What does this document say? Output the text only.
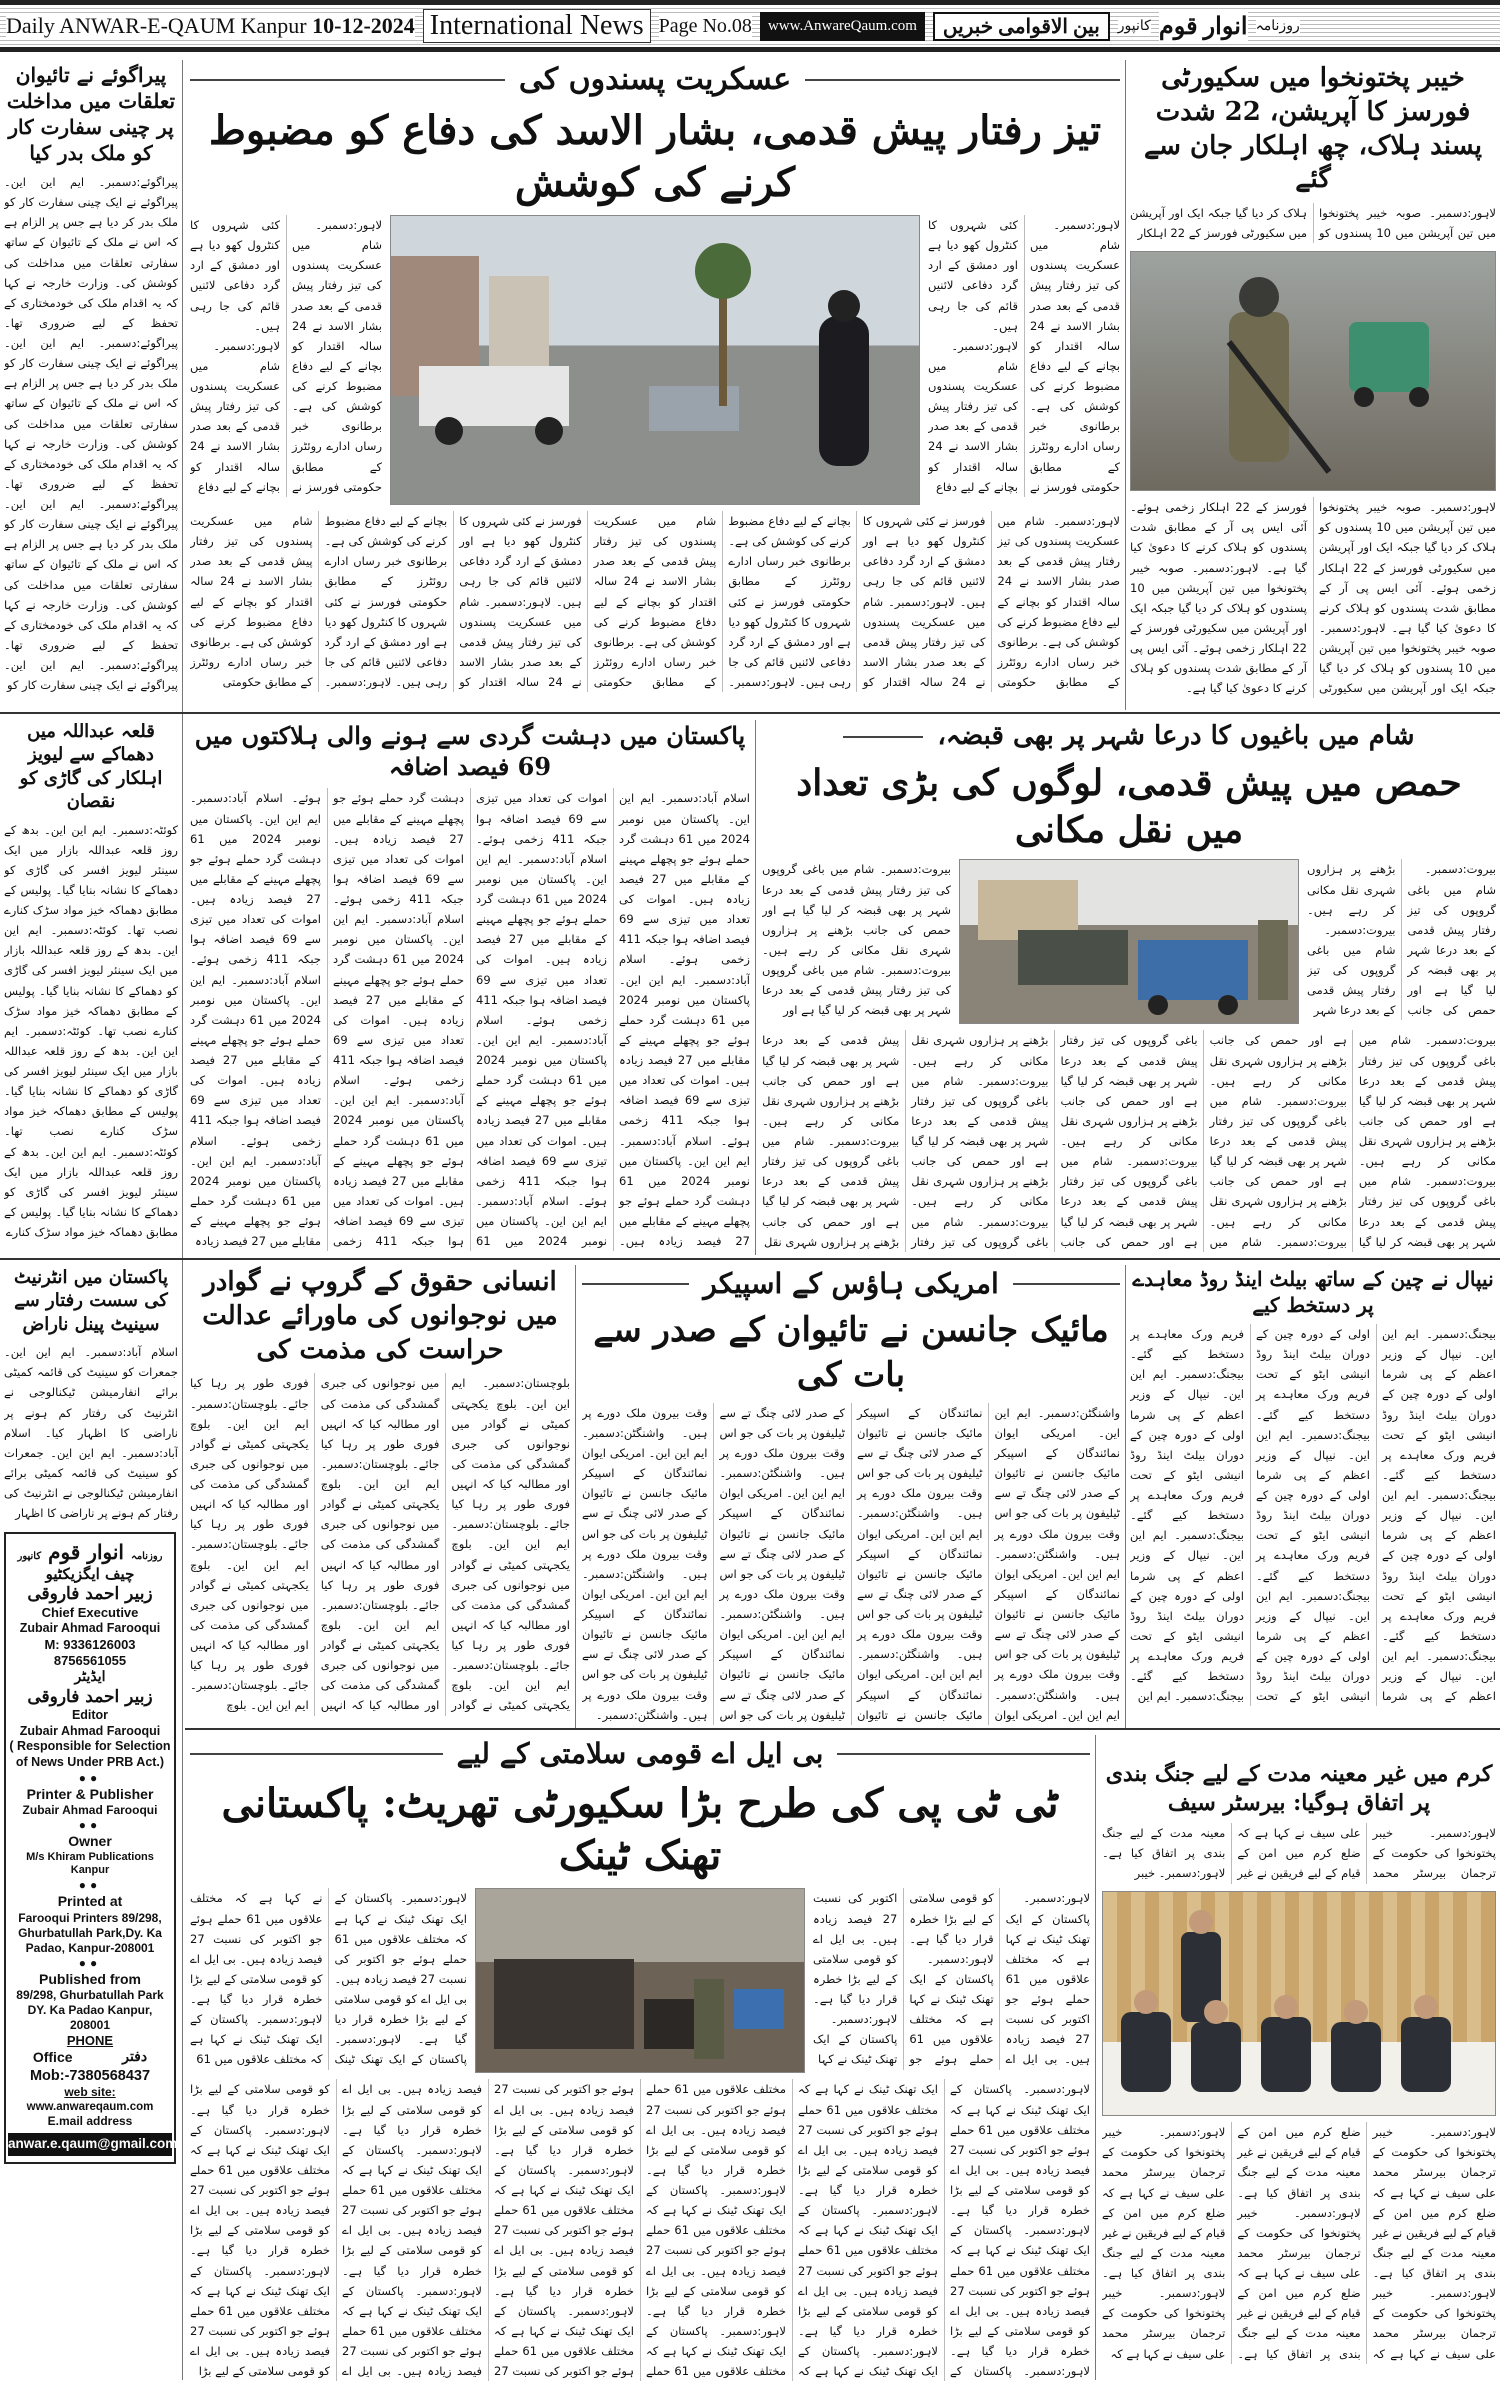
Daily ANWAR-E-QAUM Kanpur 10-12-2024 International News Page No.08	www.AnwareQaum.com	بین الاقوامی خبریں	کانپور انوار قوم روزنامہ
پیراگوئے نے تائیوان تعلقات میں مداخلت پر چینی سفارت کار کو ملک بدر کیا
پیراگوئے:دسمبر۔ ایم این این۔ پیراگوئے نے ایک چینی سفارت کار کو ملک بدر کر دیا ہے جس پر الزام ہے کہ اس نے ملک کے تائیوان کے ساتھ سفارتی تعلقات میں مداخلت کی کوشش کی۔ وزارت خارجہ نے کہا کہ یہ اقدام ملک کی خودمختاری کے تحفظ کے لیے ضروری تھا۔ پیراگوئے:دسمبر۔ ایم این این۔ پیراگوئے نے ایک چینی سفارت کار کو ملک بدر کر دیا ہے جس پر الزام ہے کہ اس نے ملک کے تائیوان کے ساتھ سفارتی تعلقات میں مداخلت کی کوشش کی۔ وزارت خارجہ نے کہا کہ یہ اقدام ملک کی خودمختاری کے تحفظ کے لیے ضروری تھا۔ پیراگوئے:دسمبر۔ ایم این این۔ پیراگوئے نے ایک چینی سفارت کار کو ملک بدر کر دیا ہے جس پر الزام ہے کہ اس نے ملک کے تائیوان کے ساتھ سفارتی تعلقات میں مداخلت کی کوشش کی۔ وزارت خارجہ نے کہا کہ یہ اقدام ملک کی خودمختاری کے تحفظ کے لیے ضروری تھا۔ پیراگوئے:دسمبر۔ ایم این این۔ پیراگوئے نے ایک چینی سفارت کار کو
عسکریت پسندوں کی
تیز رفتار پیش قدمی، بشار الاسد کی دفاع کو مضبوط کرنے کی کوشش
لاہور:دسمبر۔ شام میں عسکریت پسندوں کی تیز رفتار پیش قدمی کے بعد صدر بشار الاسد نے 24 سالہ اقتدار کو بچانے کے لیے دفاع مضبوط کرنے کی کوشش کی ہے۔ برطانوی خبر رساں ادارے روئٹرز کے مطابق حکومتی فورسز نے کئی شہروں کا کنٹرول کھو دیا ہے اور دمشق کے ارد گرد دفاعی لائنیں قائم کی جا رہی ہیں۔ لاہور:دسمبر۔ شام میں عسکریت پسندوں کی تیز رفتار پیش قدمی کے بعد صدر بشار الاسد نے 24 سالہ اقتدار کو بچانے کے لیے دفاع
لاہور:دسمبر۔ شام میں عسکریت پسندوں کی تیز رفتار پیش قدمی کے بعد صدر بشار الاسد نے 24 سالہ اقتدار کو بچانے کے لیے دفاع مضبوط کرنے کی کوشش کی ہے۔ برطانوی خبر رساں ادارے روئٹرز کے مطابق حکومتی فورسز نے کئی شہروں کا کنٹرول کھو دیا ہے اور دمشق کے ارد گرد دفاعی لائنیں قائم کی جا رہی ہیں۔ لاہور:دسمبر۔ شام میں عسکریت پسندوں کی تیز رفتار پیش قدمی کے بعد صدر بشار الاسد نے 24 سالہ اقتدار کو بچانے کے لیے دفاع
لاہور:دسمبر۔ شام میں عسکریت پسندوں کی تیز رفتار پیش قدمی کے بعد صدر بشار الاسد نے 24 سالہ اقتدار کو بچانے کے لیے دفاع مضبوط کرنے کی کوشش کی ہے۔ برطانوی خبر رساں ادارے روئٹرز کے مطابق حکومتی فورسز نے کئی شہروں کا کنٹرول کھو دیا ہے اور دمشق کے ارد گرد دفاعی لائنیں قائم کی جا رہی ہیں۔ لاہور:دسمبر۔ شام میں عسکریت پسندوں کی تیز رفتار پیش قدمی کے بعد صدر بشار الاسد نے 24 سالہ اقتدار کو بچانے کے لیے دفاع مضبوط کرنے کی کوشش کی ہے۔ برطانوی خبر رساں ادارے روئٹرز کے مطابق حکومتی فورسز نے کئی شہروں کا کنٹرول کھو دیا ہے اور دمشق کے ارد گرد دفاعی لائنیں قائم کی جا رہی ہیں۔ لاہور:دسمبر۔ شام میں عسکریت پسندوں کی تیز رفتار پیش قدمی کے بعد صدر بشار الاسد نے 24 سالہ اقتدار کو بچانے کے لیے دفاع مضبوط کرنے کی کوشش کی ہے۔ برطانوی خبر رساں ادارے روئٹرز کے مطابق حکومتی فورسز نے کئی شہروں کا کنٹرول کھو دیا ہے اور دمشق کے ارد گرد دفاعی لائنیں قائم کی جا رہی ہیں۔ لاہور:دسمبر۔ شام میں عسکریت پسندوں کی تیز رفتار پیش قدمی کے بعد صدر بشار الاسد نے 24 سالہ اقتدار کو بچانے کے لیے دفاع مضبوط کرنے کی کوشش کی ہے۔ برطانوی خبر رساں ادارے روئٹرز کے مطابق حکومتی فورسز نے کئی شہروں کا کنٹرول کھو دیا ہے اور دمشق کے ارد گرد دفاعی لائنیں قائم کی جا رہی ہیں۔ لاہور:دسمبر۔ شام میں عسکریت پسندوں کی تیز رفتار پیش قدمی کے بعد صدر بشار الاسد نے 24 سالہ اقتدار کو بچانے کے لیے دفاع مضبوط کرنے کی کوشش کی ہے۔ برطانوی خبر رساں ادارے روئٹرز کے مطابق حکومتی
خیبر پختونخوا میں سکیورٹی فورسز کا آپریشن، 22 شدت پسند ہلاک، چھ اہلکار جان سے گئے
لاہور:دسمبر۔ صوبہ خیبر پختونخوا میں تین آپریشن میں 10 پسندوں کو ہلاک کر دیا گیا جبکہ ایک اور آپریشن میں سکیورٹی فورسز کے 22 اہلکار
لاہور:دسمبر۔ صوبہ خیبر پختونخوا میں تین آپریشن میں 10 پسندوں کو ہلاک کر دیا گیا جبکہ ایک اور آپریشن میں سکیورٹی فورسز کے 22 اہلکار زخمی ہوئے۔ آئی ایس پی آر کے مطابق شدت پسندوں کو ہلاک کرنے کا دعویٰ کیا گیا ہے۔ لاہور:دسمبر۔ صوبہ خیبر پختونخوا میں تین آپریشن میں 10 پسندوں کو ہلاک کر دیا گیا جبکہ ایک اور آپریشن میں سکیورٹی فورسز کے 22 اہلکار زخمی ہوئے۔ آئی ایس پی آر کے مطابق شدت پسندوں کو ہلاک کرنے کا دعویٰ کیا گیا ہے۔ لاہور:دسمبر۔ صوبہ خیبر پختونخوا میں تین آپریشن میں 10 پسندوں کو ہلاک کر دیا گیا جبکہ ایک اور آپریشن میں سکیورٹی فورسز کے 22 اہلکار زخمی ہوئے۔ آئی ایس پی آر کے مطابق شدت پسندوں کو ہلاک کرنے کا دعویٰ کیا گیا ہے۔
قلعہ عبداللہ میں دھماکے سے لیویز اہلکار کی گاڑی کو نقصان
کوئٹہ:دسمبر۔ ایم این این۔ بدھ کے روز قلعہ عبداللہ بازار میں ایک سینئر لیویز افسر کی گاڑی کو دھماکے کا نشانہ بنایا گیا۔ پولیس کے مطابق دھماکہ خیز مواد سڑک کنارے نصب تھا۔ کوئٹہ:دسمبر۔ ایم این این۔ بدھ کے روز قلعہ عبداللہ بازار میں ایک سینئر لیویز افسر کی گاڑی کو دھماکے کا نشانہ بنایا گیا۔ پولیس کے مطابق دھماکہ خیز مواد سڑک کنارے نصب تھا۔ کوئٹہ:دسمبر۔ ایم این این۔ بدھ کے روز قلعہ عبداللہ بازار میں ایک سینئر لیویز افسر کی گاڑی کو دھماکے کا نشانہ بنایا گیا۔ پولیس کے مطابق دھماکہ خیز مواد سڑک کنارے نصب تھا۔ کوئٹہ:دسمبر۔ ایم این این۔ بدھ کے روز قلعہ عبداللہ بازار میں ایک سینئر لیویز افسر کی گاڑی کو دھماکے کا نشانہ بنایا گیا۔ پولیس کے مطابق دھماکہ خیز مواد سڑک کنارے
پاکستان میں دہشت گردی سے ہونے والی ہلاکتوں میں 69 فیصد اضافہ
اسلام آباد:دسمبر۔ ایم این این۔ پاکستان میں نومبر 2024 میں 61 دہشت گرد حملے ہوئے جو پچھلے مہینے کے مقابلے میں 27 فیصد زیادہ ہیں۔ اموات کی تعداد میں تیزی سے 69 فیصد اضافہ ہوا جبکہ 411 زخمی ہوئے۔ اسلام آباد:دسمبر۔ ایم این این۔ پاکستان میں نومبر 2024 میں 61 دہشت گرد حملے ہوئے جو پچھلے مہینے کے مقابلے میں 27 فیصد زیادہ ہیں۔ اموات کی تعداد میں تیزی سے 69 فیصد اضافہ ہوا جبکہ 411 زخمی ہوئے۔ اسلام آباد:دسمبر۔ ایم این این۔ پاکستان میں نومبر 2024 میں 61 دہشت گرد حملے ہوئے جو پچھلے مہینے کے مقابلے میں 27 فیصد زیادہ ہیں۔ اموات کی تعداد میں تیزی سے 69 فیصد اضافہ ہوا جبکہ 411 زخمی ہوئے۔ اسلام آباد:دسمبر۔ ایم این این۔ پاکستان میں نومبر 2024 میں 61 دہشت گرد حملے ہوئے جو پچھلے مہینے کے مقابلے میں 27 فیصد زیادہ ہیں۔ اموات کی تعداد میں تیزی سے 69 فیصد اضافہ ہوا جبکہ 411 زخمی ہوئے۔ اسلام آباد:دسمبر۔ ایم این این۔ پاکستان میں نومبر 2024 میں 61 دہشت گرد حملے ہوئے جو پچھلے مہینے کے مقابلے میں 27 فیصد زیادہ ہیں۔ اموات کی تعداد میں تیزی سے 69 فیصد اضافہ ہوا جبکہ 411 زخمی ہوئے۔ اسلام آباد:دسمبر۔ ایم این این۔ پاکستان میں نومبر 2024 میں 61 دہشت گرد حملے ہوئے جو پچھلے مہینے کے مقابلے میں 27 فیصد زیادہ ہیں۔ اموات کی تعداد میں تیزی سے 69 فیصد اضافہ ہوا جبکہ 411 زخمی ہوئے۔ اسلام آباد:دسمبر۔ ایم این این۔ پاکستان میں نومبر 2024 میں 61 دہشت گرد حملے ہوئے جو پچھلے مہینے کے مقابلے میں 27 فیصد زیادہ ہیں۔ اموات کی تعداد میں تیزی سے 69 فیصد اضافہ ہوا جبکہ 411 زخمی ہوئے۔ اسلام آباد:دسمبر۔ ایم این این۔ پاکستان میں نومبر 2024 میں 61 دہشت گرد حملے ہوئے جو پچھلے مہینے کے مقابلے میں 27 فیصد زیادہ ہیں۔ اموات کی تعداد میں تیزی سے 69 فیصد اضافہ ہوا جبکہ 411 زخمی ہوئے۔ اسلام آباد:دسمبر۔ ایم این این۔ پاکستان میں نومبر 2024 میں 61 دہشت گرد حملے ہوئے جو پچھلے مہینے کے مقابلے میں 27 فیصد زیادہ ہیں۔ اموات کی تعداد میں تیزی سے 69 فیصد اضافہ ہوا جبکہ 411 زخمی ہوئے۔ اسلام آباد:دسمبر۔ ایم این این۔ پاکستان میں نومبر 2024 میں 61 دہشت گرد حملے ہوئے جو پچھلے مہینے کے مقابلے میں 27 فیصد زیادہ ہیں۔ اموات کی تعداد میں تیزی سے 69 فیصد اضافہ ہوا جبکہ 411 زخمی ہوئے۔ اسلام آباد:دسمبر۔ ایم این این۔ پاکستان میں نومبر 2024 میں 61 دہشت گرد حملے ہوئے جو پچھلے مہینے کے مقابلے میں 27 فیصد زیادہ
شام میں باغیوں کا درعا شہر پر بھی قبضہ،
حمص میں پیش قدمی، لوگوں کی بڑی تعداد میں نقل مکانی
بیروت:دسمبر۔ شام میں باغی گروپوں کی تیز رفتار پیش قدمی کے بعد درعا شہر پر بھی قبضہ کر لیا گیا ہے اور حمص کی جانب بڑھنے پر ہزاروں شہری نقل مکانی کر رہے ہیں۔ بیروت:دسمبر۔ شام میں باغی گروپوں کی تیز رفتار پیش قدمی کے بعد درعا شہر
بیروت:دسمبر۔ شام میں باغی گروپوں کی تیز رفتار پیش قدمی کے بعد درعا شہر پر بھی قبضہ کر لیا گیا ہے اور حمص کی جانب بڑھنے پر ہزاروں شہری نقل مکانی کر رہے ہیں۔ بیروت:دسمبر۔ شام میں باغی گروپوں کی تیز رفتار پیش قدمی کے بعد درعا شہر پر بھی قبضہ کر لیا گیا ہے اور
بیروت:دسمبر۔ شام میں باغی گروپوں کی تیز رفتار پیش قدمی کے بعد درعا شہر پر بھی قبضہ کر لیا گیا ہے اور حمص کی جانب بڑھنے پر ہزاروں شہری نقل مکانی کر رہے ہیں۔ بیروت:دسمبر۔ شام میں باغی گروپوں کی تیز رفتار پیش قدمی کے بعد درعا شہر پر بھی قبضہ کر لیا گیا ہے اور حمص کی جانب بڑھنے پر ہزاروں شہری نقل مکانی کر رہے ہیں۔ بیروت:دسمبر۔ شام میں باغی گروپوں کی تیز رفتار پیش قدمی کے بعد درعا شہر پر بھی قبضہ کر لیا گیا ہے اور حمص کی جانب بڑھنے پر ہزاروں شہری نقل مکانی کر رہے ہیں۔ بیروت:دسمبر۔ شام میں باغی گروپوں کی تیز رفتار پیش قدمی کے بعد درعا شہر پر بھی قبضہ کر لیا گیا ہے اور حمص کی جانب بڑھنے پر ہزاروں شہری نقل مکانی کر رہے ہیں۔ بیروت:دسمبر۔ شام میں باغی گروپوں کی تیز رفتار پیش قدمی کے بعد درعا شہر پر بھی قبضہ کر لیا گیا ہے اور حمص کی جانب بڑھنے پر ہزاروں شہری نقل مکانی کر رہے ہیں۔ بیروت:دسمبر۔ شام میں باغی گروپوں کی تیز رفتار پیش قدمی کے بعد درعا شہر پر بھی قبضہ کر لیا گیا ہے اور حمص کی جانب بڑھنے پر ہزاروں شہری نقل مکانی کر رہے ہیں۔ بیروت:دسمبر۔ شام میں باغی گروپوں کی تیز رفتار پیش قدمی کے بعد درعا شہر پر بھی قبضہ کر لیا گیا ہے اور حمص کی جانب بڑھنے پر ہزاروں شہری نقل مکانی کر رہے ہیں۔ بیروت:دسمبر۔ شام میں باغی گروپوں کی تیز رفتار پیش قدمی کے بعد درعا شہر پر بھی قبضہ کر لیا گیا ہے اور حمص کی جانب بڑھنے پر ہزاروں شہری نقل
پاکستان میں انٹرنیٹ کی سست رفتار سے سینیٹ پینل ناراض
اسلام آباد:دسمبر۔ ایم این این۔ جمعرات کو سینیٹ کی قائمہ کمیٹی برائے انفارمیشن ٹیکنالوجی نے انٹرنیٹ کی رفتار کم ہونے پر ناراضی کا اظہار کیا۔ اسلام آباد:دسمبر۔ ایم این این۔ جمعرات کو سینیٹ کی قائمہ کمیٹی برائے انفارمیشن ٹیکنالوجی نے انٹرنیٹ کی رفتار کم ہونے پر ناراضی کا اظہار
انسانی حقوق کے گروپ نے گوادر میں نوجوانوں کی ماورائے عدالت حراست کی مذمت کی
بلوچستان:دسمبر۔ ایم این این۔ بلوچ یکجہتی کمیٹی نے گوادر میں نوجوانوں کی جبری گمشدگی کی مذمت کی اور مطالبہ کیا کہ انہیں فوری طور پر رہا کیا جائے۔ بلوچستان:دسمبر۔ ایم این این۔ بلوچ یکجہتی کمیٹی نے گوادر میں نوجوانوں کی جبری گمشدگی کی مذمت کی اور مطالبہ کیا کہ انہیں فوری طور پر رہا کیا جائے۔ بلوچستان:دسمبر۔ ایم این این۔ بلوچ یکجہتی کمیٹی نے گوادر میں نوجوانوں کی جبری گمشدگی کی مذمت کی اور مطالبہ کیا کہ انہیں فوری طور پر رہا کیا جائے۔ بلوچستان:دسمبر۔ ایم این این۔ بلوچ یکجہتی کمیٹی نے گوادر میں نوجوانوں کی جبری گمشدگی کی مذمت کی اور مطالبہ کیا کہ انہیں فوری طور پر رہا کیا جائے۔ بلوچستان:دسمبر۔ ایم این این۔ بلوچ یکجہتی کمیٹی نے گوادر میں نوجوانوں کی جبری گمشدگی کی مذمت کی اور مطالبہ کیا کہ انہیں فوری طور پر رہا کیا جائے۔ بلوچستان:دسمبر۔ ایم این این۔ بلوچ یکجہتی کمیٹی نے گوادر میں نوجوانوں کی جبری گمشدگی کی مذمت کی اور مطالبہ کیا کہ انہیں فوری طور پر رہا کیا جائے۔ بلوچستان:دسمبر۔ ایم این این۔ بلوچ یکجہتی کمیٹی نے گوادر میں نوجوانوں کی جبری گمشدگی کی مذمت کی اور مطالبہ کیا کہ انہیں فوری طور پر رہا کیا جائے۔ بلوچستان:دسمبر۔ ایم این این۔ بلوچ
امریکی ہاؤس کے اسپیکر
مائیک جانسن نے تائیوان کے صدر سے بات کی
واشنگٹن:دسمبر۔ ایم این این۔ امریکی ایوان نمائندگان کے اسپیکر مائیک جانسن نے تائیوان کے صدر لائی چنگ تے سے ٹیلیفون پر بات کی جو اس وقت بیرون ملک دورے پر ہیں۔ واشنگٹن:دسمبر۔ ایم این این۔ امریکی ایوان نمائندگان کے اسپیکر مائیک جانسن نے تائیوان کے صدر لائی چنگ تے سے ٹیلیفون پر بات کی جو اس وقت بیرون ملک دورے پر ہیں۔ واشنگٹن:دسمبر۔ ایم این این۔ امریکی ایوان نمائندگان کے اسپیکر مائیک جانسن نے تائیوان کے صدر لائی چنگ تے سے ٹیلیفون پر بات کی جو اس وقت بیرون ملک دورے پر ہیں۔ واشنگٹن:دسمبر۔ ایم این این۔ امریکی ایوان نمائندگان کے اسپیکر مائیک جانسن نے تائیوان کے صدر لائی چنگ تے سے ٹیلیفون پر بات کی جو اس وقت بیرون ملک دورے پر ہیں۔ واشنگٹن:دسمبر۔ ایم این این۔ امریکی ایوان نمائندگان کے اسپیکر مائیک جانسن نے تائیوان کے صدر لائی چنگ تے سے ٹیلیفون پر بات کی جو اس وقت بیرون ملک دورے پر ہیں۔ واشنگٹن:دسمبر۔ ایم این این۔ امریکی ایوان نمائندگان کے اسپیکر مائیک جانسن نے تائیوان کے صدر لائی چنگ تے سے ٹیلیفون پر بات کی جو اس وقت بیرون ملک دورے پر ہیں۔ واشنگٹن:دسمبر۔ ایم این این۔ امریکی ایوان نمائندگان کے اسپیکر مائیک جانسن نے تائیوان کے صدر لائی چنگ تے سے ٹیلیفون پر بات کی جو اس وقت بیرون ملک دورے پر ہیں۔ واشنگٹن:دسمبر۔ ایم این این۔ امریکی ایوان نمائندگان کے اسپیکر مائیک جانسن نے تائیوان کے صدر لائی چنگ تے سے ٹیلیفون پر بات کی جو اس وقت بیرون ملک دورے پر ہیں۔ واشنگٹن:دسمبر۔ ایم این این۔ امریکی ایوان نمائندگان کے اسپیکر مائیک جانسن نے تائیوان کے صدر لائی چنگ تے سے ٹیلیفون پر بات کی جو اس وقت بیرون ملک دورے پر ہیں۔ واشنگٹن:دسمبر۔
نیپال نے چین کے ساتھ بیلٹ اینڈ روڈ معاہدے پر دستخط کیے
بیجنگ:دسمبر۔ ایم این این۔ نیپال کے وزیر اعظم کے پی شرما اولی کے دورہ چین کے دوران بیلٹ اینڈ روڈ انیشی ایٹو کے تحت فریم ورک معاہدے پر دستخط کیے گئے۔ بیجنگ:دسمبر۔ ایم این این۔ نیپال کے وزیر اعظم کے پی شرما اولی کے دورہ چین کے دوران بیلٹ اینڈ روڈ انیشی ایٹو کے تحت فریم ورک معاہدے پر دستخط کیے گئے۔ بیجنگ:دسمبر۔ ایم این این۔ نیپال کے وزیر اعظم کے پی شرما اولی کے دورہ چین کے دوران بیلٹ اینڈ روڈ انیشی ایٹو کے تحت فریم ورک معاہدے پر دستخط کیے گئے۔ بیجنگ:دسمبر۔ ایم این این۔ نیپال کے وزیر اعظم کے پی شرما اولی کے دورہ چین کے دوران بیلٹ اینڈ روڈ انیشی ایٹو کے تحت فریم ورک معاہدے پر دستخط کیے گئے۔ بیجنگ:دسمبر۔ ایم این این۔ نیپال کے وزیر اعظم کے پی شرما اولی کے دورہ چین کے دوران بیلٹ اینڈ روڈ انیشی ایٹو کے تحت فریم ورک معاہدے پر دستخط کیے گئے۔ بیجنگ:دسمبر۔ ایم این این۔ نیپال کے وزیر اعظم کے پی شرما اولی کے دورہ چین کے دوران بیلٹ اینڈ روڈ انیشی ایٹو کے تحت فریم ورک معاہدے پر دستخط کیے گئے۔ بیجنگ:دسمبر۔ ایم این این۔ نیپال کے وزیر اعظم کے پی شرما اولی کے دورہ چین کے دوران بیلٹ اینڈ روڈ انیشی ایٹو کے تحت فریم ورک معاہدے پر دستخط کیے گئے۔ بیجنگ:دسمبر۔ ایم این
روزنامہ انوار قوم کانپور
چیف ایگزیکٹیو
زبیر احمد فاروقی
Chief Executive
Zubair Ahmad Farooqui
M: 9336126003
8756561055
ایڈیٹر
زبیر احمد فاروقی
Editor
Zubair Ahmad Farooqui
( Responsible for Selection of News Under PRB Act.)
●●
Printer & Publisher
Zubair Ahmad Farooqui
●●
Owner
M/s Khiram Publications Kanpur
●●
Printed at
Farooqui Printers 89/298, Ghurbatullah Park,Dy. Ka Padao, Kanpur-208001
●●
Published from
89/298, Ghurbatullah Park DY. Ka Padao Kanpur, 208001
PHONE
Office	دفتر
Mob:-7380568437
web site:
www.anwareqaum.com
E.mail address
anwar.e.qaum@gmail.com
بی ایل اے قومی سلامتی کے لیے
ٹی ٹی پی کی طرح بڑا سکیورٹی تھریٹ: پاکستانی تھنک ٹینک
لاہور:دسمبر۔ پاکستان کے ایک تھنک ٹینک نے کہا ہے کہ مختلف علاقوں میں 61 حملے ہوئے جو اکتوبر کی نسبت 27 فیصد زیادہ ہیں۔ بی ایل اے کو قومی سلامتی کے لیے بڑا خطرہ قرار دیا گیا ہے۔ لاہور:دسمبر۔ پاکستان کے ایک تھنک ٹینک نے کہا ہے کہ مختلف علاقوں میں 61 حملے ہوئے جو اکتوبر کی نسبت 27 فیصد زیادہ ہیں۔ بی ایل اے کو قومی سلامتی کے لیے بڑا خطرہ قرار دیا گیا ہے۔ لاہور:دسمبر۔ پاکستان کے ایک تھنک ٹینک نے کہا
لاہور:دسمبر۔ پاکستان کے ایک تھنک ٹینک نے کہا ہے کہ مختلف علاقوں میں 61 حملے ہوئے جو اکتوبر کی نسبت 27 فیصد زیادہ ہیں۔ بی ایل اے کو قومی سلامتی کے لیے بڑا خطرہ قرار دیا گیا ہے۔ لاہور:دسمبر۔ پاکستان کے ایک تھنک ٹینک نے کہا ہے کہ مختلف علاقوں میں 61 حملے ہوئے جو اکتوبر کی نسبت 27 فیصد زیادہ ہیں۔ بی ایل اے کو قومی سلامتی کے لیے بڑا خطرہ قرار دیا گیا ہے۔ لاہور:دسمبر۔ پاکستان کے ایک تھنک ٹینک نے کہا ہے کہ مختلف علاقوں میں 61
لاہور:دسمبر۔ پاکستان کے ایک تھنک ٹینک نے کہا ہے کہ مختلف علاقوں میں 61 حملے ہوئے جو اکتوبر کی نسبت 27 فیصد زیادہ ہیں۔ بی ایل اے کو قومی سلامتی کے لیے بڑا خطرہ قرار دیا گیا ہے۔ لاہور:دسمبر۔ پاکستان کے ایک تھنک ٹینک نے کہا ہے کہ مختلف علاقوں میں 61 حملے ہوئے جو اکتوبر کی نسبت 27 فیصد زیادہ ہیں۔ بی ایل اے کو قومی سلامتی کے لیے بڑا خطرہ قرار دیا گیا ہے۔ لاہور:دسمبر۔ پاکستان کے ایک تھنک ٹینک نے کہا ہے کہ مختلف علاقوں میں 61 حملے ہوئے جو اکتوبر کی نسبت 27 فیصد زیادہ ہیں۔ بی ایل اے کو قومی سلامتی کے لیے بڑا خطرہ قرار دیا گیا ہے۔ لاہور:دسمبر۔ پاکستان کے ایک تھنک ٹینک نے کہا ہے کہ مختلف علاقوں میں 61 حملے ہوئے جو اکتوبر کی نسبت 27 فیصد زیادہ ہیں۔ بی ایل اے کو قومی سلامتی کے لیے بڑا خطرہ قرار دیا گیا ہے۔ لاہور:دسمبر۔ پاکستان کے ایک تھنک ٹینک نے کہا ہے کہ مختلف علاقوں میں 61 حملے ہوئے جو اکتوبر کی نسبت 27 فیصد زیادہ ہیں۔ بی ایل اے کو قومی سلامتی کے لیے بڑا خطرہ قرار دیا گیا ہے۔ لاہور:دسمبر۔ پاکستان کے ایک تھنک ٹینک نے کہا ہے کہ مختلف علاقوں میں 61 حملے ہوئے جو اکتوبر کی نسبت 27 فیصد زیادہ ہیں۔ بی ایل اے کو قومی سلامتی کے لیے بڑا خطرہ قرار دیا گیا ہے۔ لاہور:دسمبر۔ پاکستان کے ایک تھنک ٹینک نے کہا ہے کہ مختلف علاقوں میں 61 حملے ہوئے جو اکتوبر کی نسبت 27 فیصد زیادہ ہیں۔ بی ایل اے کو قومی سلامتی کے لیے بڑا خطرہ قرار دیا گیا ہے۔ لاہور:دسمبر۔ پاکستان کے ایک تھنک ٹینک نے کہا ہے کہ مختلف علاقوں میں 61 حملے ہوئے جو اکتوبر کی نسبت 27 فیصد زیادہ ہیں۔ بی ایل اے کو قومی سلامتی کے لیے بڑا خطرہ قرار دیا گیا ہے۔ لاہور:دسمبر۔ پاکستان کے ایک تھنک ٹینک نے کہا ہے کہ مختلف علاقوں میں 61 حملے ہوئے جو اکتوبر کی نسبت 27 فیصد زیادہ ہیں۔ بی ایل اے کو قومی سلامتی کے لیے بڑا خطرہ قرار دیا گیا ہے۔ لاہور:دسمبر۔ پاکستان کے ایک تھنک ٹینک نے کہا ہے کہ مختلف علاقوں میں 61 حملے ہوئے جو اکتوبر کی نسبت 27 فیصد زیادہ ہیں۔ بی ایل اے کو قومی سلامتی کے لیے بڑا خطرہ قرار دیا گیا ہے۔ لاہور:دسمبر۔ پاکستان کے ایک تھنک ٹینک نے کہا ہے کہ مختلف علاقوں میں 61 حملے ہوئے جو اکتوبر کی نسبت 27 فیصد زیادہ ہیں۔ بی ایل اے کو قومی سلامتی کے لیے بڑا خطرہ قرار دیا گیا ہے۔ لاہور:دسمبر۔ پاکستان کے ایک تھنک ٹینک نے کہا ہے کہ مختلف علاقوں میں 61 حملے ہوئے جو اکتوبر کی نسبت 27 فیصد زیادہ ہیں۔ بی ایل اے کو قومی سلامتی کے لیے بڑا خطرہ قرار دیا گیا ہے۔ لاہور:دسمبر۔ پاکستان کے ایک تھنک ٹینک نے کہا ہے کہ مختلف علاقوں میں 61 حملے ہوئے جو اکتوبر کی نسبت 27 فیصد زیادہ ہیں۔ بی ایل اے کو قومی سلامتی کے لیے بڑا
کرم میں غیر معینہ مدت کے لیے جنگ بندی پر اتفاق ہوگیا: بیرسٹر سیف
لاہور:دسمبر۔ خیبر پختونخوا کی حکومت کے ترجمان بیرسٹر محمد علی سیف نے کہا ہے کہ ضلع کرم میں امن کے قیام کے لیے فریقین نے غیر معینہ مدت کے لیے جنگ بندی پر اتفاق کیا ہے۔ لاہور:دسمبر۔ خیبر
لاہور:دسمبر۔ خیبر پختونخوا کی حکومت کے ترجمان بیرسٹر محمد علی سیف نے کہا ہے کہ ضلع کرم میں امن کے قیام کے لیے فریقین نے غیر معینہ مدت کے لیے جنگ بندی پر اتفاق کیا ہے۔ لاہور:دسمبر۔ خیبر پختونخوا کی حکومت کے ترجمان بیرسٹر محمد علی سیف نے کہا ہے کہ ضلع کرم میں امن کے قیام کے لیے فریقین نے غیر معینہ مدت کے لیے جنگ بندی پر اتفاق کیا ہے۔ لاہور:دسمبر۔ خیبر پختونخوا کی حکومت کے ترجمان بیرسٹر محمد علی سیف نے کہا ہے کہ ضلع کرم میں امن کے قیام کے لیے فریقین نے غیر معینہ مدت کے لیے جنگ بندی پر اتفاق کیا ہے۔ لاہور:دسمبر۔ خیبر پختونخوا کی حکومت کے ترجمان بیرسٹر محمد علی سیف نے کہا ہے کہ ضلع کرم میں امن کے قیام کے لیے فریقین نے غیر معینہ مدت کے لیے جنگ بندی پر اتفاق کیا ہے۔ لاہور:دسمبر۔ خیبر پختونخوا کی حکومت کے ترجمان بیرسٹر محمد علی سیف نے کہا ہے کہ
